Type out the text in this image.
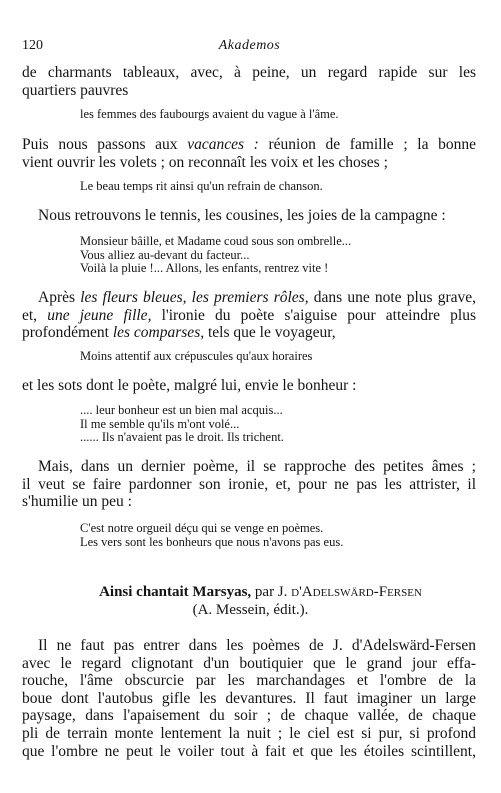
120	Akademos
de charmants tableaux, avec, à peine, un regard rapide sur les
quartiers pauvres
les femmes des faubourgs avaient du vague à l'âme.
Puis nous passons aux vacances : réunion de famille ; la bonne
vient ouvrir les volets ; on reconnaît les voix et les choses ;
Le beau temps rit ainsi qu'un refrain de chanson.
Nous retrouvons le tennis, les cousines, les joies de la campagne :
Monsieur bâille, et Madame coud sous son ombrelle...
Vous alliez au-devant du facteur...
Voilà la pluie !... Allons, les enfants, rentrez vite !
Après les fleurs bleues, les premiers rôles, dans une note plus grave,
et, une jeune fille, l'ironie du poète s'aiguise pour atteindre plus
profondément les comparses, tels que le voyageur,
Moins attentif aux crépuscules qu'aux horaires
et les sots dont le poète, malgré lui, envie le bonheur :
.... leur bonheur est un bien mal acquis...
Il me semble qu'ils m'ont volé...
...... Ils n'avaient pas le droit. Ils trichent.
Mais, dans un dernier poème, il se rapproche des petites âmes ;
il veut se faire pardonner son ironie, et, pour ne pas les attrister, il
s'humilie un peu :
C'est notre orgueil déçu qui se venge en poèmes.
Les vers sont les bonheurs que nous n'avons pas eus.
Ainsi chantait Marsyas, par J. d'Adelswärd-Fersen
(A. Messein, édit.).
Il ne faut pas entrer dans les poèmes de J. d'Adelswärd-Fersen
avec le regard clignotant d'un boutiquier que le grand jour effa-
rouche, l'âme obscurcie par les marchandages et l'ombre de la
boue dont l'autobus gifle les devantures. Il faut imaginer un large
paysage, dans l'apaisement du soir ; de chaque vallée, de chaque
pli de terrain monte lentement la nuit ; le ciel est si pur, si profond
que l'ombre ne peut le voiler tout à fait et que les étoiles scintillent,
